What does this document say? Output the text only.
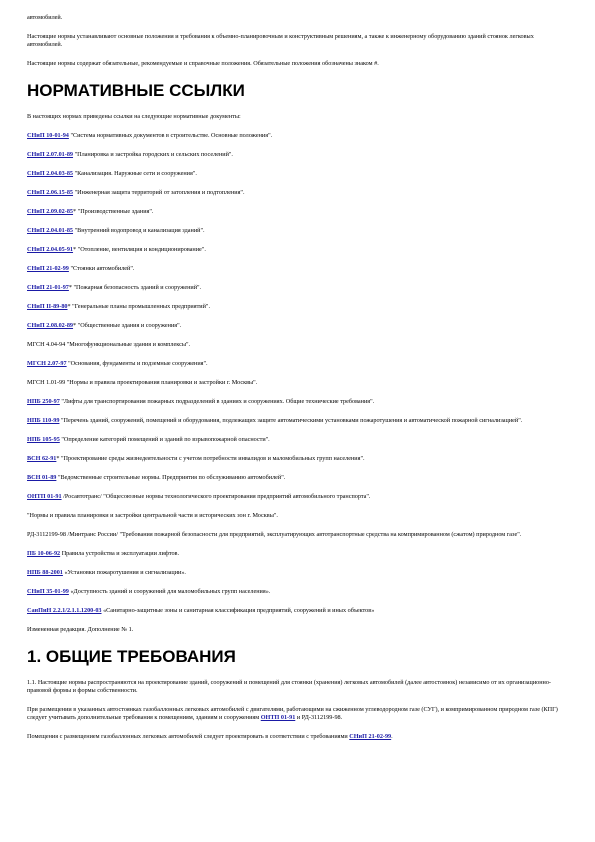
автомобилей.

Настоящие нормы устанавливают основные положения и требования к объемно-планировочным и конструктивным решениям, а также к инженерному оборудованию зданий стоянок легковых автомобилей.

Настоящие нормы содержат обязательные, рекомендуемые и справочные положения. Обязательные положения обозначены знаком #.

НОРМАТИВНЫЕ ССЫЛКИ

В настоящих нормах приведены ссылки на следующие нормативные документы:

СНиП 10-01-94 "Система нормативных документов в строительстве. Основные положения".

СНиП 2.07.01-89 "Планировка и застройка городских и сельских поселений".

СНиП 2.04.03-85 "Канализация. Наружные сети и сооружения".

СНиП 2.06.15-85 "Инженерная защита территорий от затопления и подтопления".

СНиП 2.09.02-85* "Производственные здания".

СНиП 2.04.01-85 "Внутренний водопровод и канализация зданий".

СНиП 2.04.05-91* "Отопление, вентиляция и кондиционирование".

СНиП 21-02-99 "Стоянки автомобилей".

СНиП 21-01-97* "Пожарная безопасность зданий и сооружений".

СНиП II-89-80* "Генеральные планы промышленных предприятий".

СНиП 2.08.02-89* "Общественные здания и сооружения".

МГСН 4.04-94 "Многофункциональные здания и комплексы".

МГСН 2.07-97 "Основания, фундаменты и подземные сооружения".

МГСН 1.01-99 "Нормы и правила проектирования планировки и застройки г. Москвы".

НПБ 250-97 "Лифты для транспортирования пожарных подразделений в зданиях и сооружениях. Общие технические требования".

НПБ 110-99 "Перечень зданий, сооружений, помещений и оборудования, подлежащих защите автоматическими установками пожаротушения и автоматической пожарной сигнализацией".

НПБ 105-95 "Определение категорий помещений и зданий по взрывопожарной опасности".

ВСН 62-91* "Проектирование среды жизнедеятельности с учетом потребности инвалидов и маломобильных групп населения".

ВСН 01-89 "Ведомственные строительные нормы. Предприятия по обслуживанию автомобилей".

ОНТП 01-91 /Росавтотранс/ "Общесоюзные нормы технологического проектирования предприятий автомобильного транспорта".

"Нормы и правила планировки и застройки центральной части и исторических зон г. Москвы".

РД-3112199-98 /Минтранс России/ "Требования пожарной безопасности для предприятий, эксплуатирующих автотранспортные средства на компримированном (сжатом) природном газе".

ПБ 10-06-92 Правила устройства и эксплуатации лифтов.

НПБ 88-2001 «Установки пожаротушения и сигнализации».

СНиП 35-01-99 «Доступность зданий и сооружений для маломобильных групп населения».

СанПиН 2.2.1/2.1.1.1200-03 «Санитарно-защитные зоны и санитарная классификация предприятий, сооружений и иных объектов»

Измененная редакция. Дополнение № 1.

1. ОБЩИЕ ТРЕБОВАНИЯ

1.1. Настоящие нормы распространяются на проектирование зданий, сооружений и помещений для стоянки (хранения) легковых автомобилей (далее автостоянок) независимо от их организационно-правовой формы и формы собственности.

При размещении в указанных автостоянках газобаллонных легковых автомобилей с двигателями, работающими на сжиженном углеводородном газе (СУГ), и компримированном природном газе (КПГ) следует учитывать дополнительные требования к помещениям, зданиям и сооружениям ОНТП 01-91 и РД-3112199-98.

Помещения с размещением газобаллонных легковых автомобилей следует проектировать в соответствии с требованиями СНиП 21-02-99.
